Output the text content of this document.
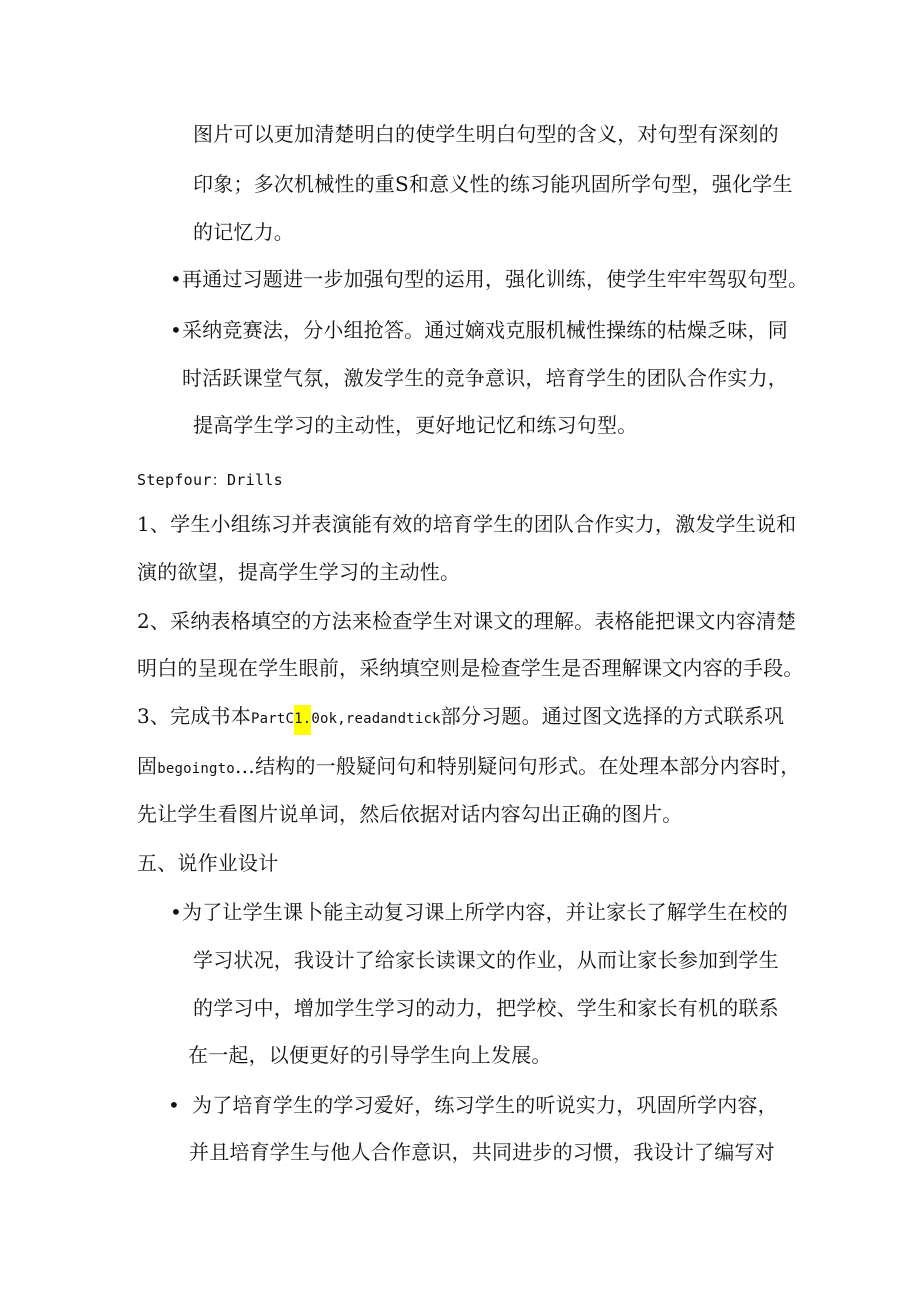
图片可以更加清楚明白的使学生明白句型的含义，对句型有深刻的
印象；多次机械性的重S和意义性的练习能巩固所学句型，强化学生
的记忆力。
•再通过习题进一步加强句型的运用，强化训练，使学生牢牢驾驭句型。
•采纳竞赛法，分小组抢答。通过嫡戏克服机械性操练的枯燥乏味，同
时活跃课堂气氛，激发学生的竞争意识，培育学生的团队合作实力，
提高学生学习的主动性，更好地记忆和练习句型。
Stepfour：Drills
1、学生小组练习并表演能有效的培育学生的团队合作实力，激发学生说和
演的欲望，提高学生学习的主动性。
2、采纳表格填空的方法来检查学生对课文的理解。表格能把课文内容清楚
明白的呈现在学生眼前，采纳填空则是检查学生是否理解课文内容的手段。
3、完成书本PartC1.0ok,readandtick部分习题。通过图文选择的方式联系巩
固begoingto…结构的一般疑问句和特别疑问句形式。在处理本部分内容时，
先让学生看图片说单词，然后依据对话内容勾出正确的图片。
五、说作业设计
•为了让学生课卜能主动复习课上所学内容，并让家长了解学生在校的
学习状况，我设计了给家长读课文的作业，从而让家长参加到学生
的学习中，增加学生学习的动力，把学校、学生和家长有机的联系
在一起，以便更好的引导学生向上发展。
• 为了培育学生的学习爱好，练习学生的听说实力，巩固所学内容，
并且培育学生与他人合作意识，共同进步的习惯，我设计了编写对
